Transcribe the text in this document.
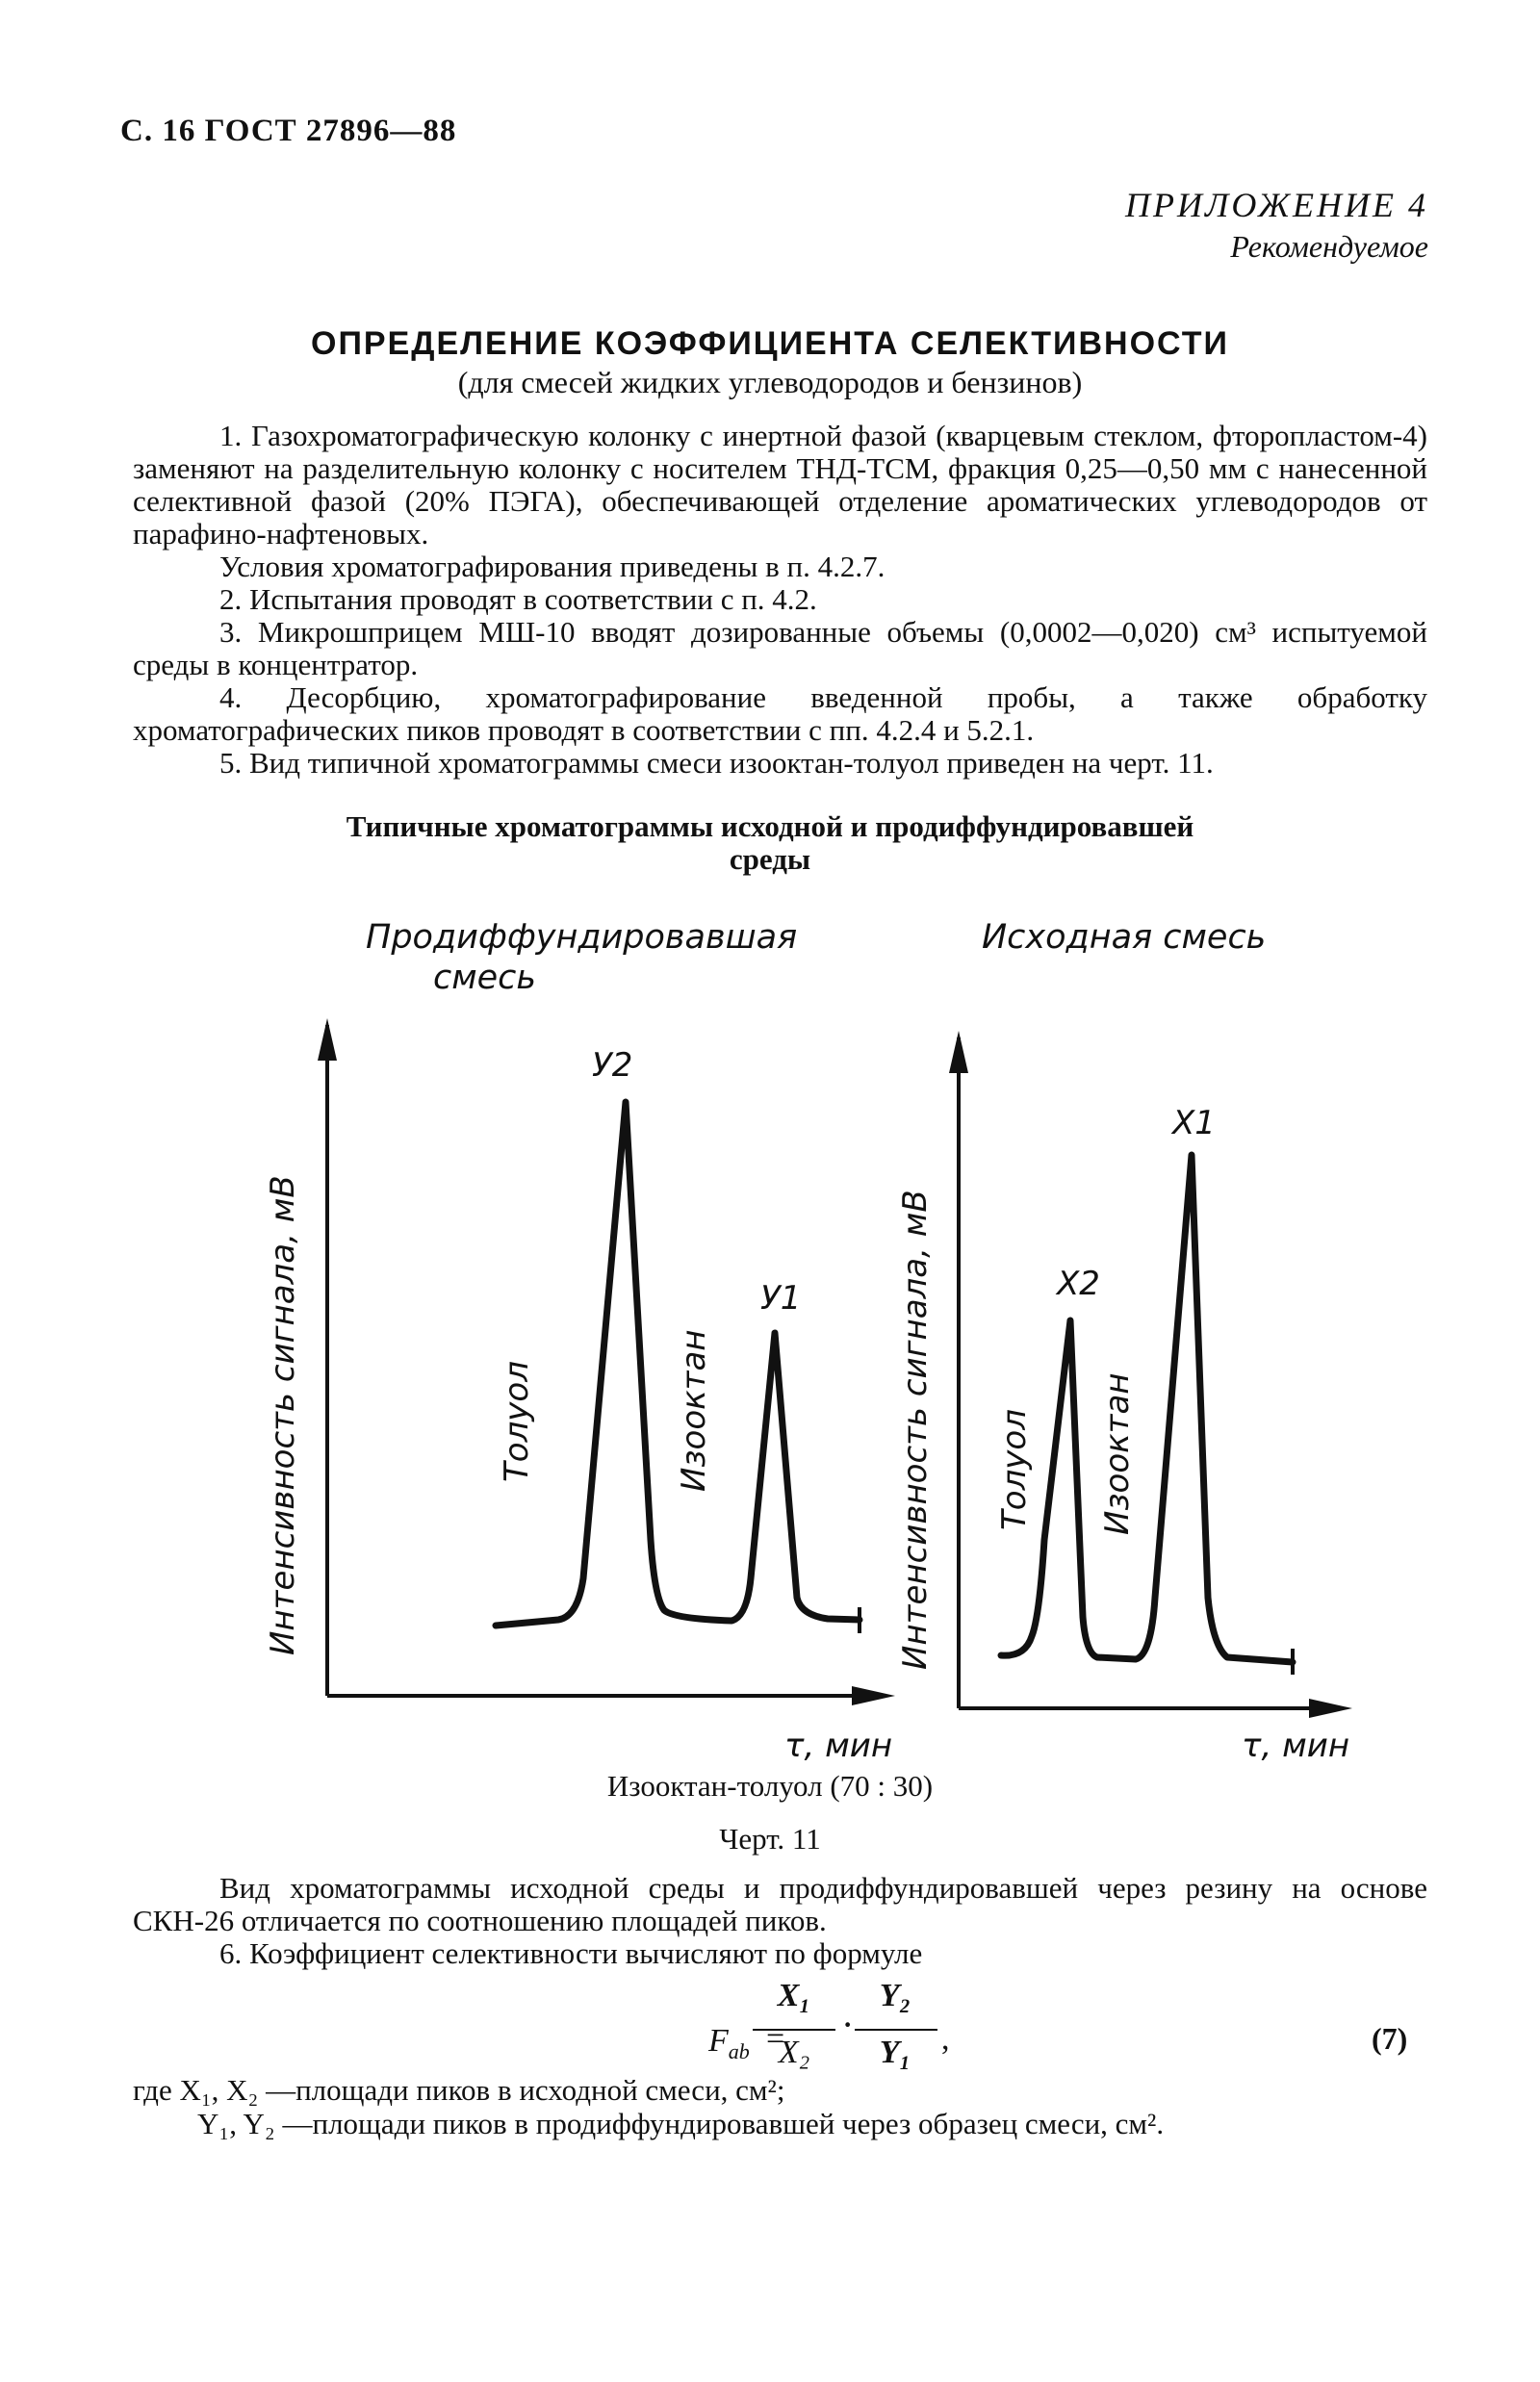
С. 16 ГОСТ 27896—88
ПРИЛОЖЕНИЕ 4
Рекомендуемое
ОПРЕДЕЛЕНИЕ КОЭФФИЦИЕНТА СЕЛЕКТИВНОСТИ
(для смесей жидких углеводородов и бензинов)
1. Газохроматографическую колонку с инертной фазой (кварцевым стеклом, фторопластом-4) заменяют на разделительную колонку с носителем ТНД-ТСМ, фракция 0,25—0,50 мм с нанесенной селективной фазой (20% ПЭГА), обеспечивающей отделение ароматических углеводородов от парафино-нафтеновых.
Условия хроматографирования приведены в п. 4.2.7.
2. Испытания проводят в соответствии с п. 4.2.
3. Микрошприцем МШ-10 вводят дозированные объемы (0,0002—0,020) см³ испытуемой среды в концентратор.
4. Десорбцию, хроматографирование введенной пробы, а также обработку хроматографических пиков проводят в соответствии с пп. 4.2.4 и 5.2.1.
5. Вид типичной хроматограммы смеси изооктан-толуол приведен на черт. 11.
Типичные хроматограммы исходной и продиффундировавшей
среды
Продиффундировавшая
смесь
Интенсивность сигнала, мВ	Толуол	Изооктан
У2
У1
τ, мин
Исходная смесь
Интенсивность сигнала, мВ Толуол Изооктан
X1
X2
τ, мин
Изооктан-толуол (70 : 30)
Черт. 11
Вид хроматограммы исходной среды и продиффундировавшей через резину на основе СКН-26 отличается по соотношению площадей пиков.
6. Коэффициент селективности вычисляют по формуле
$F_{ab}$ =
X₁
X₂
·
Y₂
Y₁ ,	(7)
где X₁, X₂ —площади пиков в исходной смеси, см²;
Y₁, Y₂ —площади пиков в продиффундировавшей через образец смеси, см².
